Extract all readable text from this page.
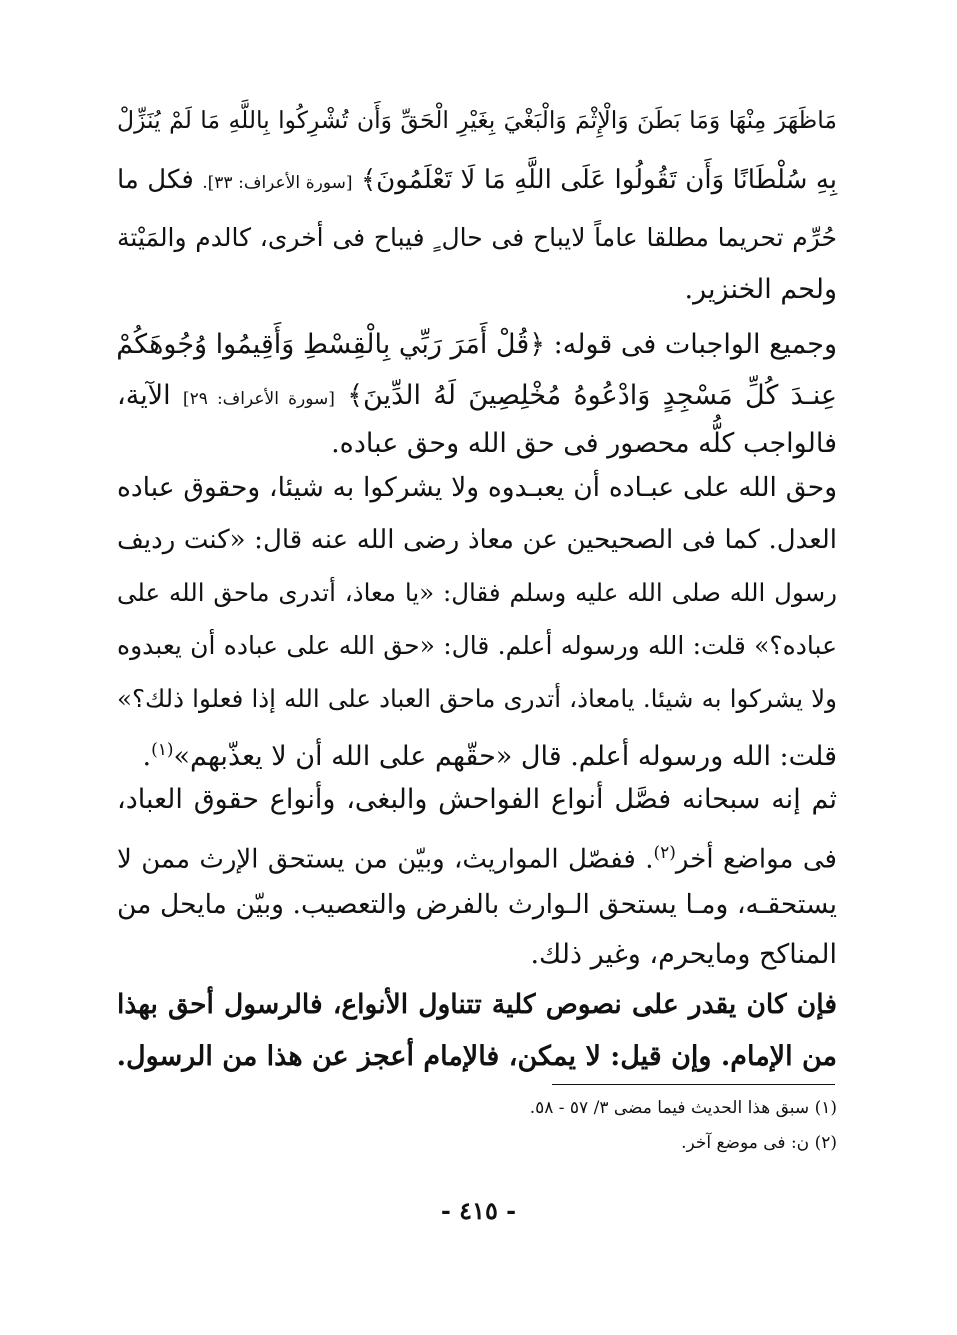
مَاظَهَرَ مِنْهَا وَمَا بَطَنَ وَالْإِثْمَ وَالْبَغْيَ بِغَيْرِ الْحَقِّ وَأَن تُشْرِكُوا بِاللَّهِ مَا لَمْ يُنَزِّلْ
بِهِ سُلْطَانًا وَأَن تَقُولُوا عَلَى اللَّهِ مَا لَا تَعْلَمُونَ﴾ [سورة الأعراف: ٣٣]. فكل ما
حُرِّم تحريما مطلقا عاماً لايباح فى حال ٍ فيباح فى أخرى، كالدم والمَيْتة
ولحم الخنزير.
وجميع الواجبات فى قوله: ﴿قُلْ أَمَرَ رَبِّي بِالْقِسْطِ وَأَقِيمُوا وُجُوهَكُمْ
عِنـدَ كُلِّ مَسْجِدٍ وَادْعُوهُ مُخْلِصِينَ لَهُ الدِّينَ﴾ [سورة الأعراف: ٢٩] الآية،
فالواجب كلُّه محصور فى حق الله وحق عباده.
وحق الله على عبـاده أن يعبـدوه ولا يشركوا به شيئا، وحقوق عباده
العدل. كما فى الصحيحين عن معاذ رضى الله عنه قال: «كنت رديف
رسول الله صلى الله عليه وسلم فقال: «يا معاذ، أتدرى ماحق الله على
عباده؟» قلت: الله ورسوله أعلم. قال: «حق الله على عباده أن يعبدوه
ولا يشركوا به شيئا. يامعاذ، أتدرى ماحق العباد على الله إذا فعلوا ذلك؟»
قلت: الله ورسوله أعلم. قال «حقّهم على الله أن لا يعذّبهم»$^{(١)}$.
ثم إنه سبحانه فصَّل أنواع الفواحش والبغى، وأنواع حقوق العباد،
فى مواضع أخر$^{(٢)}$. ففصّل المواريث، وبيّن من يستحق الإرث ممن لا
يستحقـه، ومـا يستحق الـوارث بالفرض والتعصيب. وبيّن مايحل من
المناكح ومايحرم، وغير ذلك.
فإن كان يقدر على نصوص كلية تتناول الأنواع، فالرسول أحق بهذا
من الإمام. وإن قيل: لا يمكن، فالإمام أعجز عن هذا من الرسول.
(١) سبق هذا الحديث فيما مضى ٣/ ٥٧ - ٥٨.
(٢) ن: فى موضع آخر.
- ٤١٥ -
